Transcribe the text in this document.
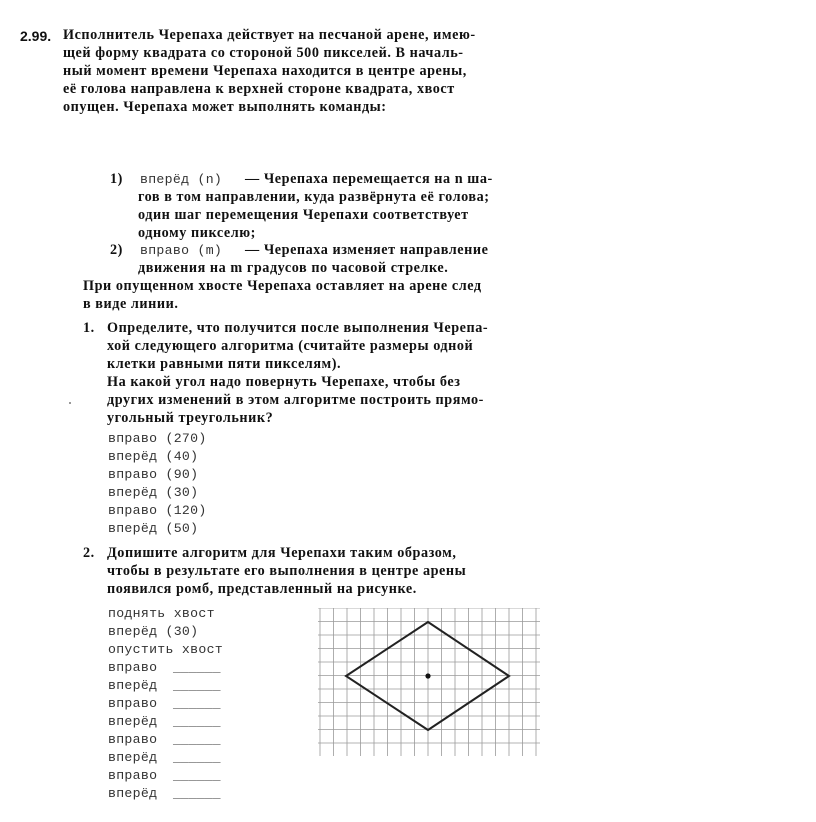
2.99. Исполнитель Черепаха действует на песчаной арене, имею-
щей форму квадрата со стороной 500 пикселей. В началь-
ный момент времени Черепаха находится в центре арены,
её голова направлена к верхней стороне квадрата, хвост
опущен. Черепаха может выполнять команды:
1) вперёд (n) — Черепаха перемещается на n ша-
гов в том направлении, куда развёрнута её голова;
один шаг перемещения Черепахи соответствует
одному пикселю;
2) вправо (m) — Черепаха изменяет направление
движения на m градусов по часовой стрелке.
При опущенном хвосте Черепаха оставляет на арене след
в виде линии.
1. Определите, что получится после выполнения Черепа-
хой следующего алгоритма (считайте размеры одной
клетки равными пяти пикселям).
На какой угол надо повернуть Черепахе, чтобы без
других изменений в этом алгоритме построить прямо-
угольный треугольник?
вправо (270)
вперёд (40)
вправо (90)
вперёд (30)
вправо (120)
вперёд (50)
2. Допишите алгоритм для Черепахи таким образом,
чтобы в результате его выполнения в центре арены
появился ромб, представленный на рисунке.
поднять хвост
вперёд (30)
опустить хвост
вправо
вперёд
вправо
вперёд
вправо
вперёд
вправо
вперёд
______
______
______
______
______
______
______
______
